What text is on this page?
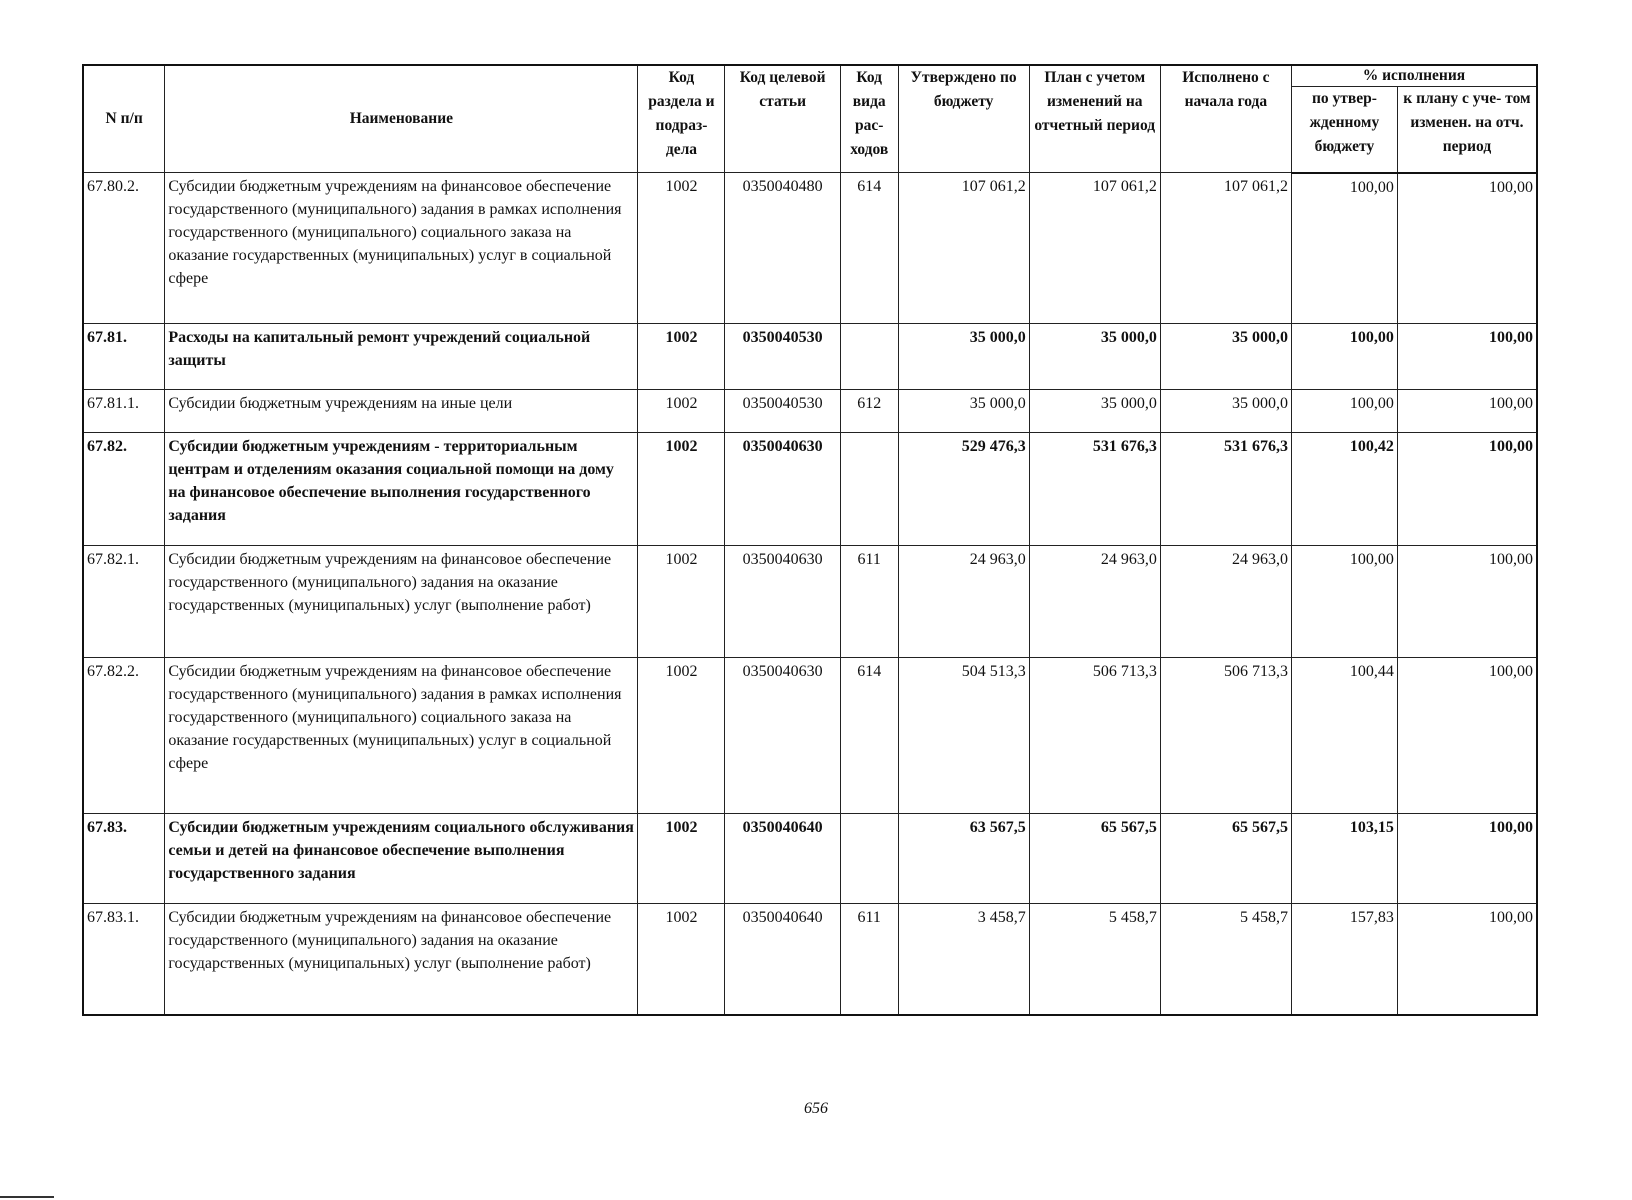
N п/п	Наименование	Код раздела и подраз- дела	Код целевой статьи	Код вида рас- ходов	Утверждено по бюджету	План с учетом изменений на отчетный период	Исполнено с начала года	% исполнения	
								по утвер- жденному бюджету	к плану с уче- том изменен. на отч. период
67.80.2.	Субсидии бюджетным учреждениям на финансовое обеспечение государственного (муниципального) задания в рамках исполнения государственного (муниципального) социального заказа на оказание государственных (муниципальных) услуг в социальной сфере	1002	0350040480	614	107 061,2	107 061,2	107 061,2	100,00	100,00
67.81.	Расходы на капитальный ремонт учреждений социальной защиты	1002	0350040530		35 000,0	35 000,0	35 000,0	100,00	100,00
67.81.1.	Субсидии бюджетным учреждениям на иные цели	1002	0350040530	612	35 000,0	35 000,0	35 000,0	100,00	100,00
67.82.	Субсидии бюджетным учреждениям - территориальным центрам и отделениям оказания социальной помощи на дому на финансовое обеспечение выполнения государственного задания	1002	0350040630		529 476,3	531 676,3	531 676,3	100,42	100,00
67.82.1.	Субсидии бюджетным учреждениям на финансовое обеспечение государственного (муниципального) задания на оказание государственных (муниципальных) услуг (выполнение работ)	1002	0350040630	611	24 963,0	24 963,0	24 963,0	100,00	100,00
67.82.2.	Субсидии бюджетным учреждениям на финансовое обеспечение государственного (муниципального) задания в рамках исполнения государственного (муниципального) социального заказа на оказание государственных (муниципальных) услуг в социальной сфере	1002	0350040630	614	504 513,3	506 713,3	506 713,3	100,44	100,00
67.83.	Субсидии бюджетным учреждениям социального обслуживания семьи и детей на финансовое обеспечение выполнения государственного задания	1002	0350040640		63 567,5	65 567,5	65 567,5	103,15	100,00
67.83.1.	Субсидии бюджетным учреждениям на финансовое обеспечение государственного (муниципального) задания на оказание государственных (муниципальных) услуг (выполнение работ)	1002	0350040640	611	3 458,7	5 458,7	5 458,7	157,83	100,00
656
